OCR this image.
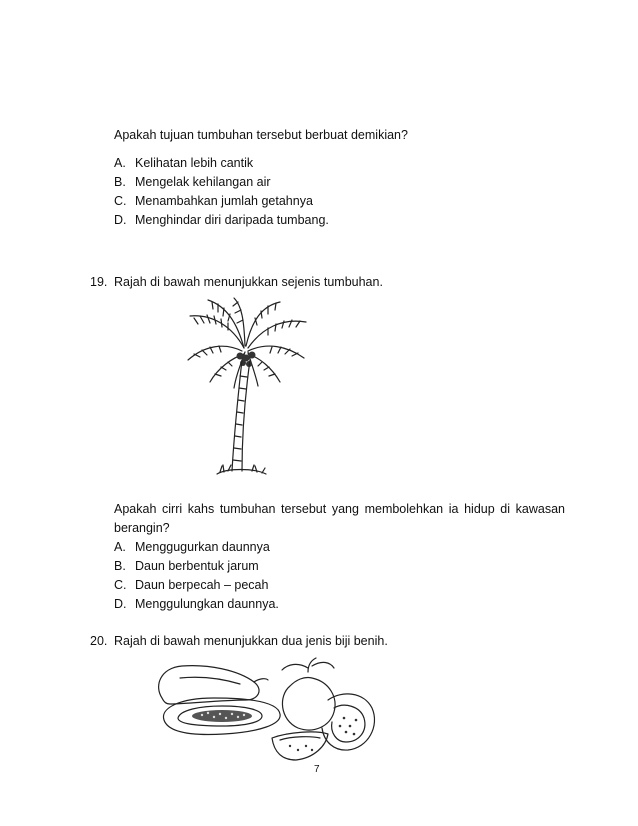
Apakah tujuan tumbuhan tersebut berbuat demikian?
A. Kelihatan lebih cantik
B. Mengelak kehilangan air
C. Menambahkan jumlah getahnya
D. Menghindar diri daripada tumbang.
19. Rajah di bawah menunjukkan sejenis tumbuhan.
Apakah cirri kahs tumbuhan tersebut yang membolehkan ia hidup di kawasan
berangin?
A. Menggugurkan daunnya
B. Daun berbentuk jarum
C. Daun berpecah – pecah
D. Menggulungkan daunnya.
20. Rajah di bawah menunjukkan dua jenis biji benih.
7
